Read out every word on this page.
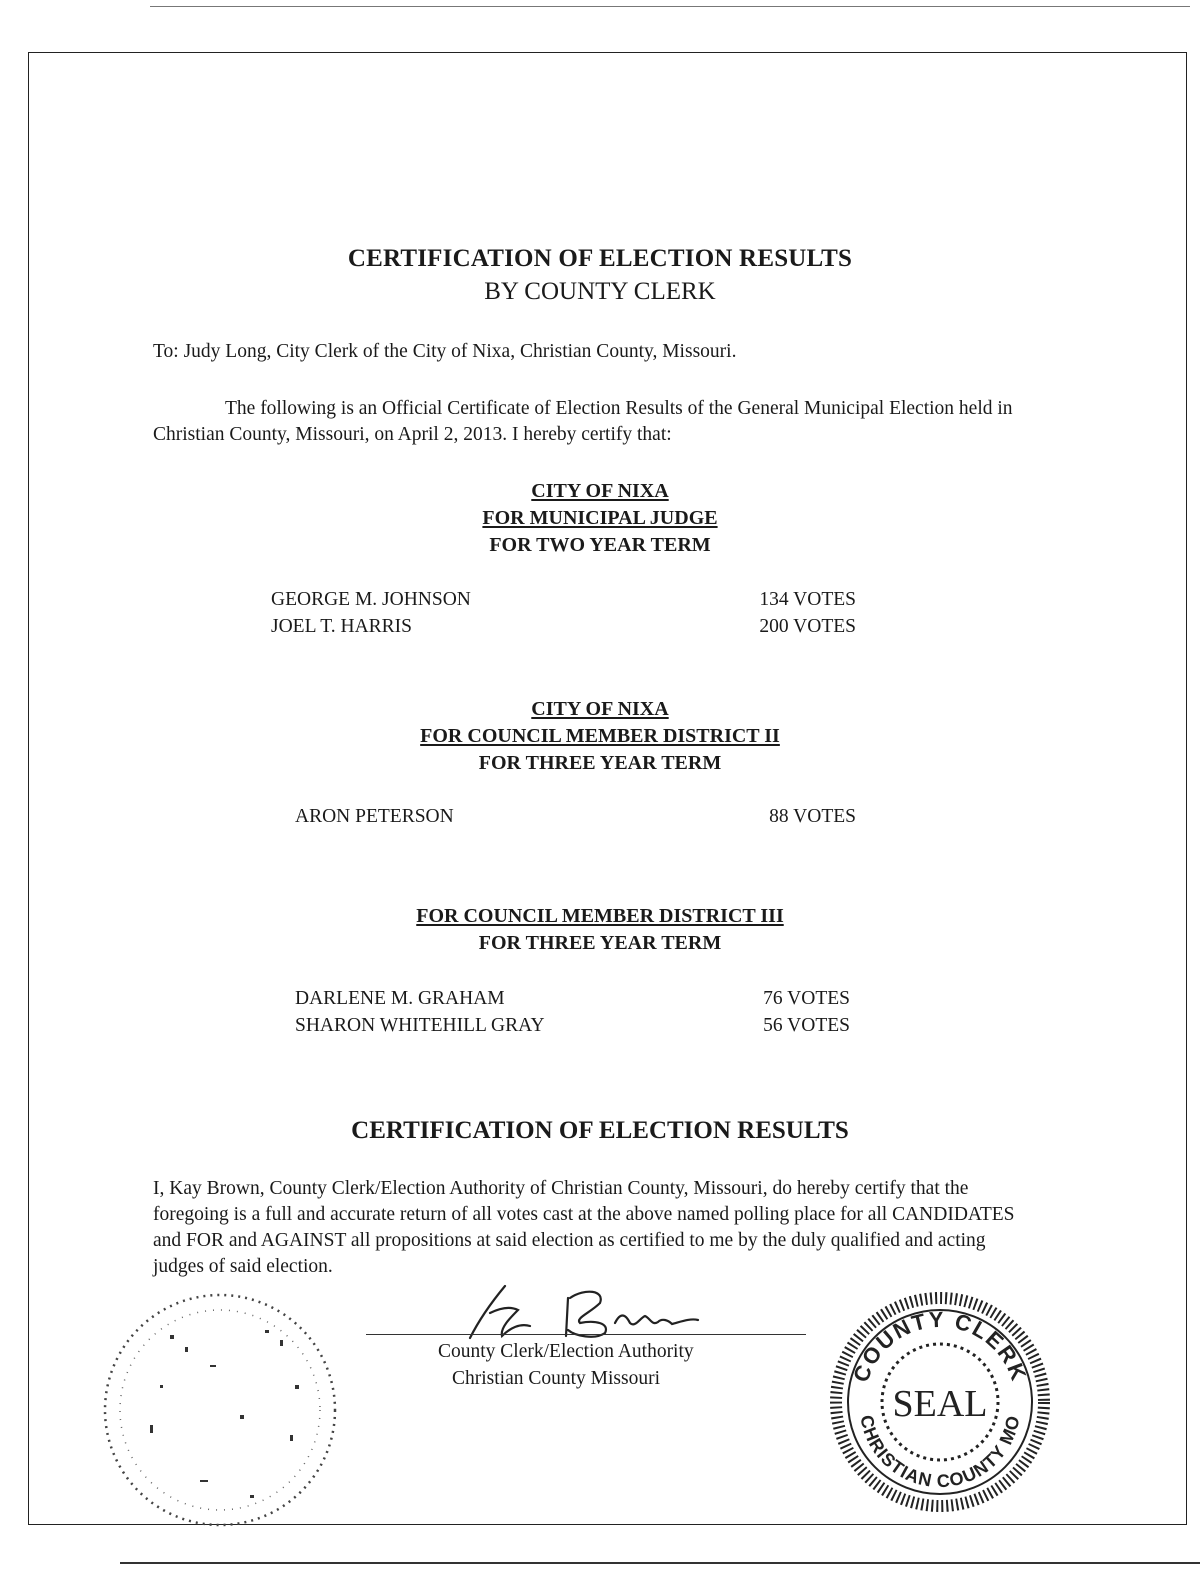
CERTIFICATION OF ELECTION RESULTS
BY COUNTY CLERK
To: Judy Long, City Clerk of the City of Nixa, Christian County, Missouri.
The following is an Official Certificate of Election Results of the General Municipal Election held in Christian County, Missouri, on April 2, 2013. I hereby certify that:
CITY OF NIXA
FOR MUNICIPAL JUDGE
FOR TWO YEAR TERM
GEORGE M. JOHNSON	134 VOTES
JOEL T. HARRIS	200 VOTES
CITY OF NIXA
FOR COUNCIL MEMBER DISTRICT II
FOR THREE YEAR TERM
ARON PETERSON	88 VOTES
FOR COUNCIL MEMBER DISTRICT III
FOR THREE YEAR TERM
DARLENE M. GRAHAM	76 VOTES
SHARON WHITEHILL GRAY	56 VOTES
CERTIFICATION OF ELECTION RESULTS
I, Kay Brown, County Clerk/Election Authority of Christian County, Missouri, do hereby certify that the foregoing is a full and accurate return of all votes cast at the above named polling place for all CANDIDATES and FOR and AGAINST all propositions at said election as certified to me by the duly qualified and acting judges of said election.
County Clerk/Election Authority
Christian County Missouri	COUNTY CLERK
CHRISTIAN COUNTY MO
SEAL
